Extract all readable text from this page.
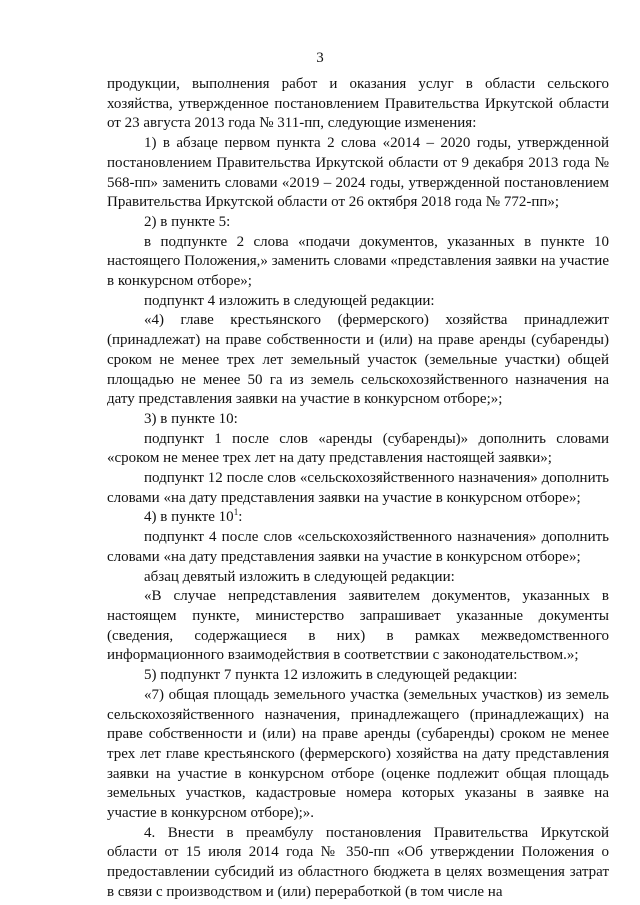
3

продукции, выполнения работ и оказания услуг в области сельского хозяйства, утвержденное постановлением Правительства Иркутской области от 23 августа 2013 года № 311-пп, следующие изменения:

1) в абзаце первом пункта 2 слова «2014 – 2020 годы, утвержденной постановлением Правительства Иркутской области от 9 декабря 2013 года № 568-пп» заменить словами «2019 – 2024 годы, утвержденной постановлением Правительства Иркутской области от 26 октября 2018 года № 772-пп»;

2) в пункте 5:

в подпункте 2 слова «подачи документов, указанных в пункте 10 настоящего Положения,» заменить словами «представления заявки на участие в конкурсном отборе»;

подпункт 4 изложить в следующей редакции:

«4) главе крестьянского (фермерского) хозяйства принадлежит (принадлежат) на праве собственности и (или) на праве аренды (субаренды) сроком не менее трех лет земельный участок (земельные участки) общей площадью не менее 50 га из земель сельскохозяйственного назначения на дату представления заявки на участие в конкурсном отборе;»;

3) в пункте 10:

подпункт 1 после слов «аренды (субаренды)» дополнить словами «сроком не менее трех лет на дату представления настоящей заявки»;

подпункт 12 после слов «сельскохозяйственного назначения» дополнить словами «на дату представления заявки на участие в конкурсном отборе»;

4) в пункте $10^1$:

подпункт 4 после слов «сельскохозяйственного назначения» дополнить словами «на дату представления заявки на участие в конкурсном отборе»;

абзац девятый изложить в следующей редакции:

«В случае непредставления заявителем документов, указанных в настоящем пункте, министерство запрашивает указанные документы (сведения, содержащиеся в них) в рамках межведомственного информационного взаимодействия в соответствии с законодательством.»;

5) подпункт 7 пункта 12 изложить в следующей редакции:

«7) общая площадь земельного участка (земельных участков) из земель сельскохозяйственного назначения, принадлежащего (принадлежащих) на праве собственности и (или) на праве аренды (субаренды) сроком не менее трех лет главе крестьянского (фермерского) хозяйства на дату представления заявки на участие в конкурсном отборе (оценке подлежит общая площадь земельных участков, кадастровые номера которых указаны в заявке на участие в конкурсном отборе);».

4. Внести в преамбулу постановления Правительства Иркутской области от 15 июля 2014 года № 350-пп «Об утверждении Положения о предоставлении субсидий из областного бюджета в целях возмещения затрат в связи с производством и (или) переработкой (в том числе на
